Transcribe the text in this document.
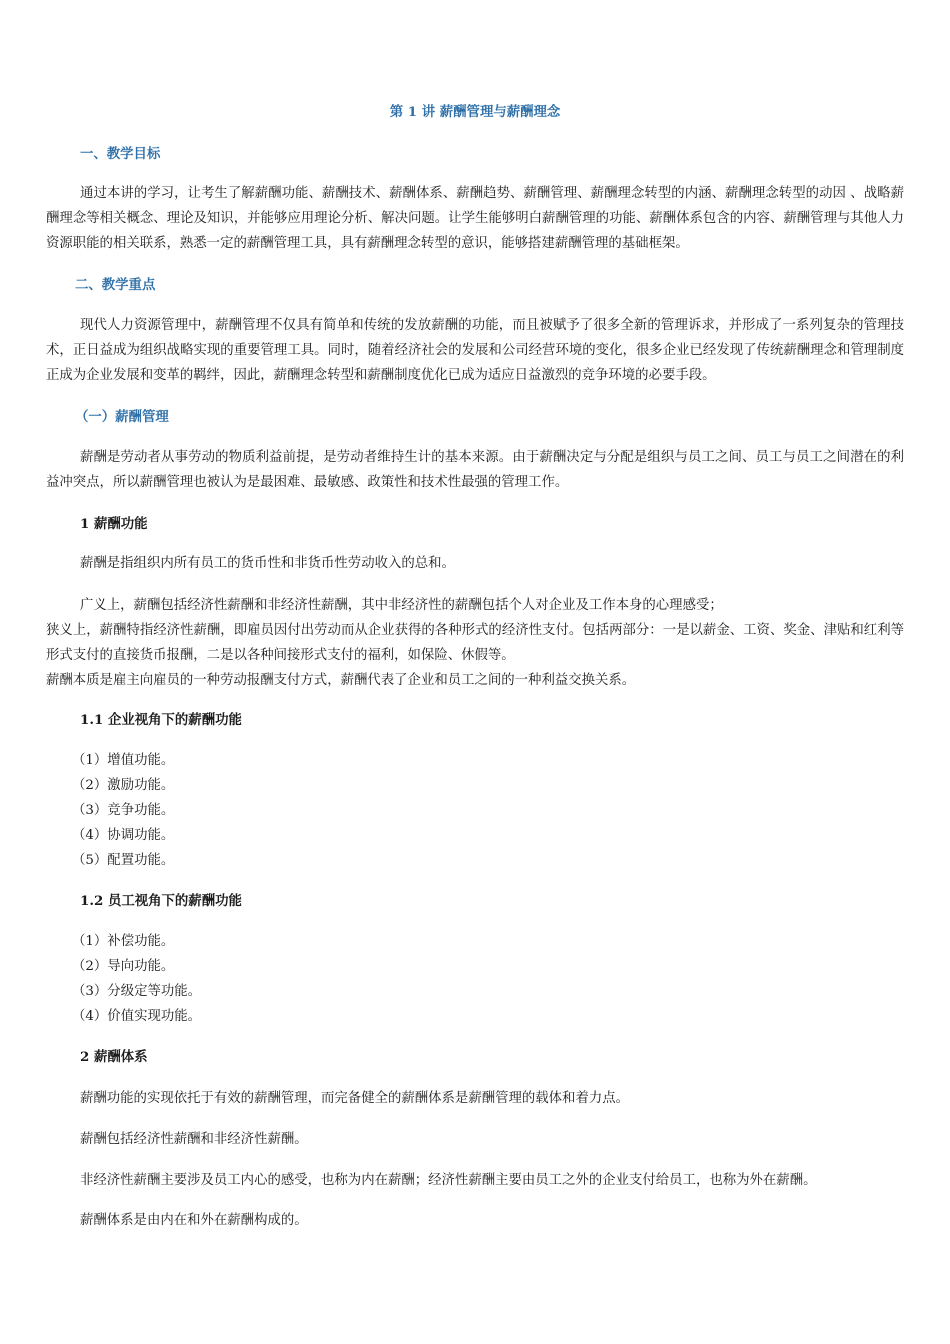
第 1 讲 薪酬管理与薪酬理念

一、教学目标

通过本讲的学习，让考生了解薪酬功能、薪酬技术、薪酬体系、薪酬趋势、薪酬管理、薪酬理念转型的内涵、薪酬理念转型的动因 、战略薪酬理念等相关概念、理论及知识，并能够应用理论分析、解决问题。让学生能够明白薪酬管理的功能、薪酬体系包含的内容、薪酬管理与其他人力资源职能的相关联系，熟悉一定的薪酬管理工具，具有薪酬理念转型的意识，能够搭建薪酬管理的基础框架。

二、教学重点

现代人力资源管理中，薪酬管理不仅具有简单和传统的发放薪酬的功能，而且被赋予了很多全新的管理诉求，并形成了一系列复杂的管理技术，正日益成为组织战略实现的重要管理工具。同时，随着经济社会的发展和公司经营环境的变化，很多企业已经发现了传统薪酬理念和管理制度正成为企业发展和变革的羁绊，因此，薪酬理念转型和薪酬制度优化已成为适应日益激烈的竞争环境的必要手段。

（一）薪酬管理

薪酬是劳动者从事劳动的物质利益前提，是劳动者维持生计的基本来源。由于薪酬决定与分配是组织与员工之间、员工与员工之间潜在的利益冲突点，所以薪酬管理也被认为是最困难、最敏感、政策性和技术性最强的管理工作。

1 薪酬功能

薪酬是指组织内所有员工的货币性和非货币性劳动收入的总和。

广义上，薪酬包括经济性薪酬和非经济性薪酬，其中非经济性的薪酬包括个人对企业及工作本身的心理感受；
狭义上，薪酬特指经济性薪酬，即雇员因付出劳动而从企业获得的各种形式的经济性支付。包括两部分：一是以薪金、工资、奖金、津贴和红利等形式支付的直接货币报酬，二是以各种间接形式支付的福利，如保险、休假等。
薪酬本质是雇主向雇员的一种劳动报酬支付方式，薪酬代表了企业和员工之间的一种利益交换关系。

1.1 企业视角下的薪酬功能

（1）增值功能。
（2）激励功能。
（3）竞争功能。
（4）协调功能。
（5）配置功能。

1.2 员工视角下的薪酬功能

（1）补偿功能。
（2）导向功能。
（3）分级定等功能。
（4）价值实现功能。

2 薪酬体系

薪酬功能的实现依托于有效的薪酬管理，而完备健全的薪酬体系是薪酬管理的载体和着力点。

薪酬包括经济性薪酬和非经济性薪酬。

非经济性薪酬主要涉及员工内心的感受，也称为内在薪酬；经济性薪酬主要由员工之外的企业支付给员工，也称为外在薪酬。

薪酬体系是由内在和外在薪酬构成的。
